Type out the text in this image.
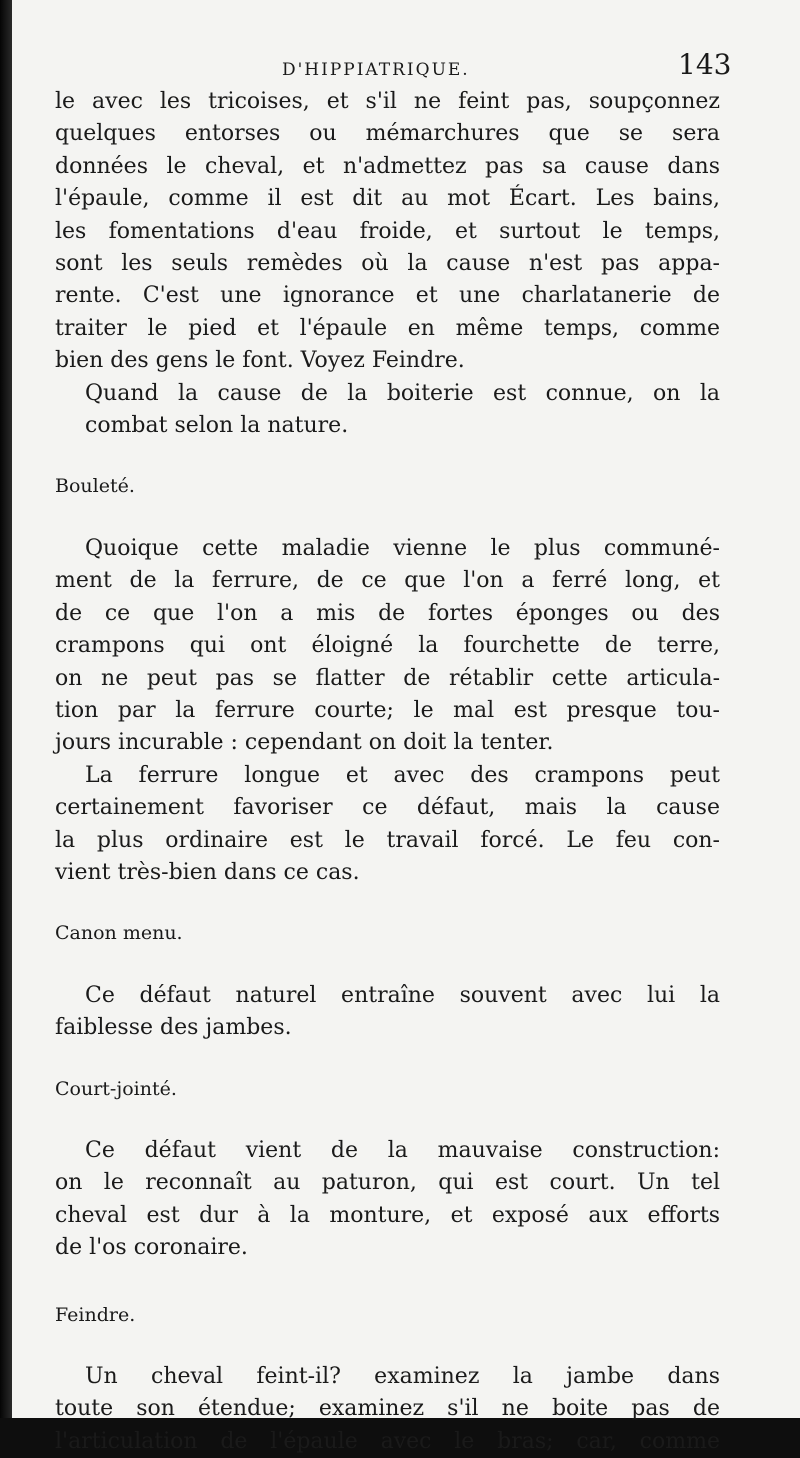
D'HIPPIATRIQUE.	143

le avec les tricoises, et s'il ne feint pas, soupçonnez
quelques entorses ou mémarchures que se sera
données le cheval, et n'admettez pas sa cause dans
l'épaule, comme il est dit au mot Écart. Les bains,
les fomentations d'eau froide, et surtout le temps,
sont les seuls remèdes où la cause n'est pas appa-
rente. C'est une ignorance et une charlatanerie de
traiter le pied et l'épaule en même temps, comme
bien des gens le font. Voyez Feindre.

Quand la cause de la boiterie est connue, on la
combat selon la nature.

Bouleté.

Quoique cette maladie vienne le plus communé-
ment de la ferrure, de ce que l'on a ferré long, et
de ce que l'on a mis de fortes éponges ou des
crampons qui ont éloigné la fourchette de terre,
on ne peut pas se flatter de rétablir cette articula-
tion par la ferrure courte; le mal est presque tou-
jours incurable : cependant on doit la tenter.

La ferrure longue et avec des crampons peut
certainement favoriser ce défaut, mais la cause
la plus ordinaire est le travail forcé. Le feu con-
vient très-bien dans ce cas.

Canon menu.

Ce défaut naturel entraîne souvent avec lui la
faiblesse des jambes.

Court-jointé.

Ce défaut vient de la mauvaise construction:
on le reconnaît au paturon, qui est court. Un tel
cheval est dur à la monture, et exposé aux efforts
de l'os coronaire.

Feindre.

Un cheval feint-il? examinez la jambe dans
toute son étendue; examinez s'il ne boite pas de
l'articulation de l'épaule avec le bras; car, comme
